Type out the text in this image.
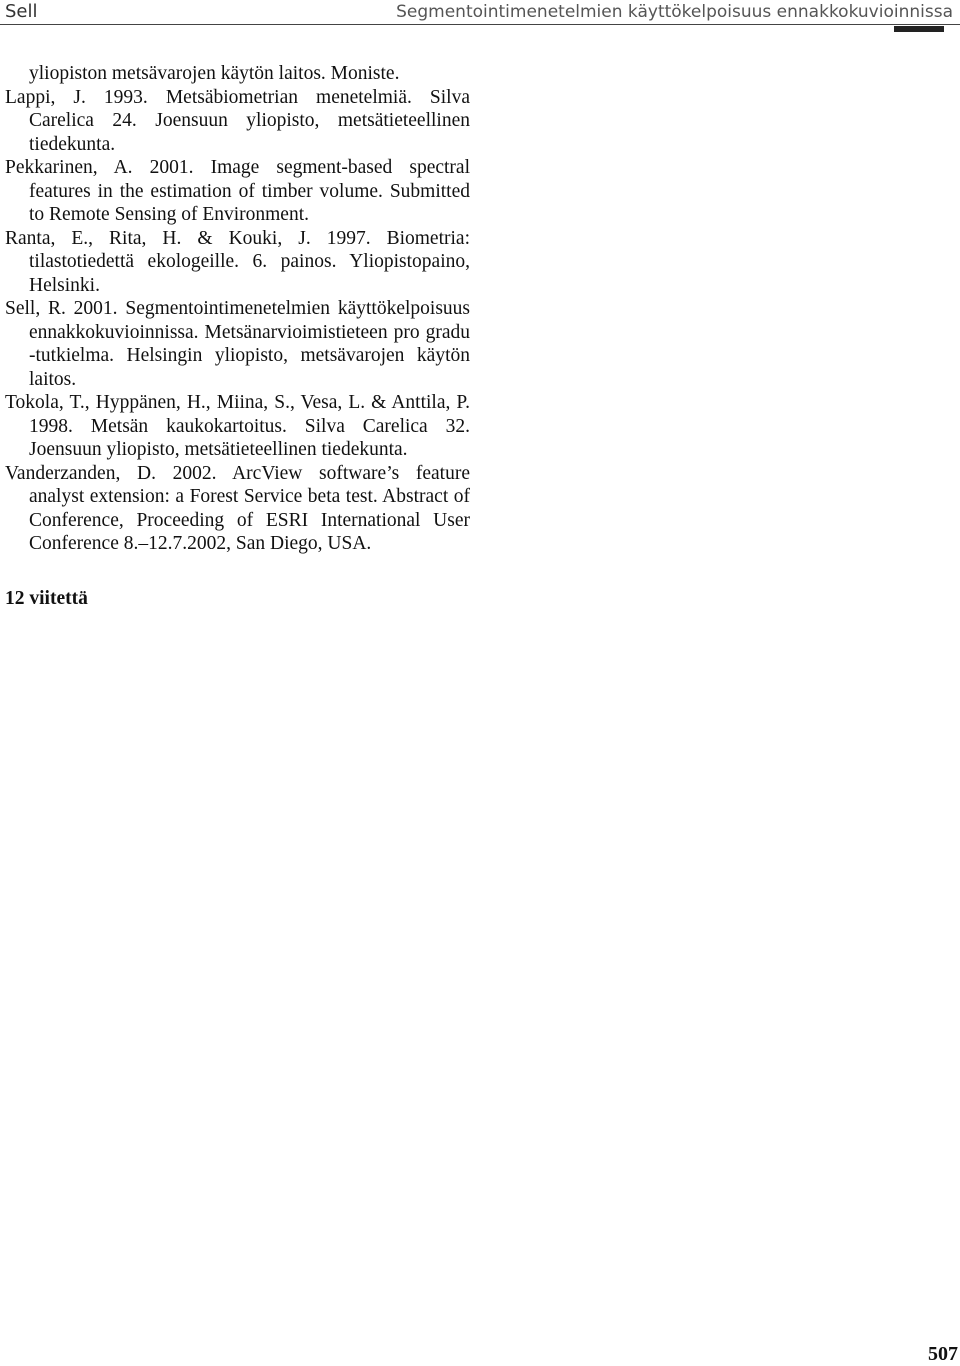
Sell	Segmentointimenetelmien käyttökelpoisuus ennakkokuvioinnissa
yliopiston metsävarojen käytön laitos. Moniste.
Lappi, J. 1993. Metsäbiometrian menetelmiä. Silva Carelica 24. Joensuun yliopisto, metsätieteellinen tiedekunta.
Pekkarinen, A. 2001. Image segment-based spectral features in the estimation of timber volume. Submitted to Remote Sensing of Environment.
Ranta, E., Rita, H. & Kouki, J. 1997. Biometria: tilastotiedettä ekologeille. 6. painos. Yliopistopaino, Helsinki.
Sell, R. 2001. Segmentointimenetelmien käyttökelpoisuus ennakkokuvioinnissa. Metsänarvioimistieteen pro gradu -tutkielma. Helsingin yliopisto, metsävarojen käytön laitos.
Tokola, T., Hyppänen, H., Miina, S., Vesa, L. & Anttila, P. 1998. Metsän kaukokartoitus. Silva Carelica 32. Joensuun yliopisto, metsätieteellinen tiedekunta.
Vanderzanden, D. 2002. ArcView software’s feature analyst extension: a Forest Service beta test. Abstract of Conference, Proceeding of ESRI International User Conference 8.–12.7.2002, San Diego, USA.
12 viitettä
507
